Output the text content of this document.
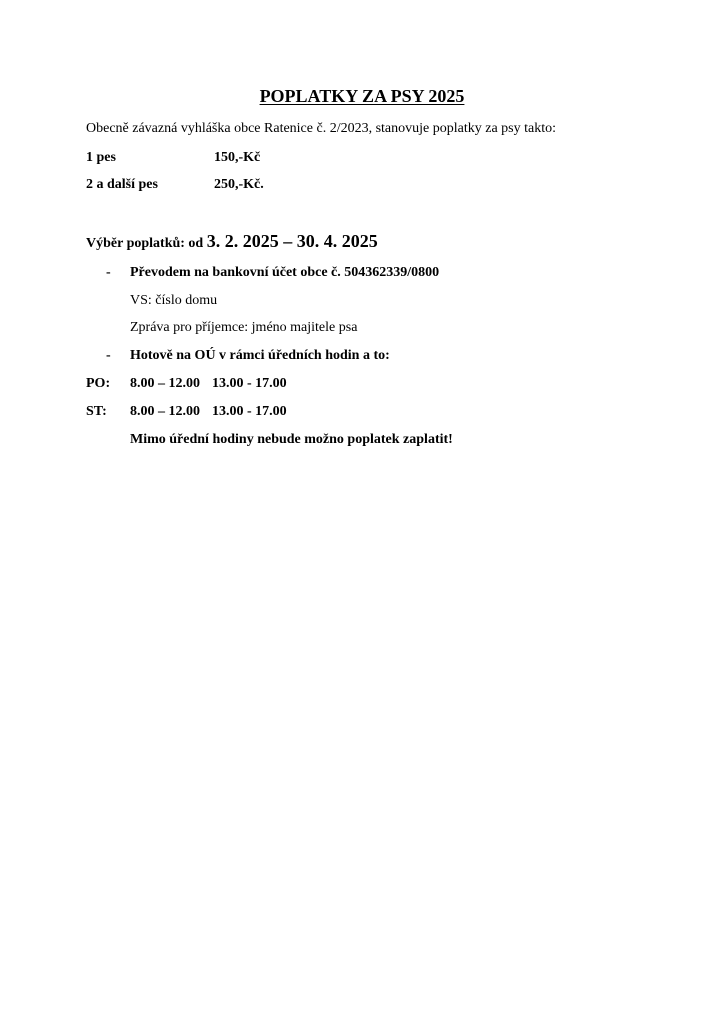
POPLATKY ZA PSY 2025

Obecně závazná vyhláška obce Ratenice č. 2/2023, stanovuje poplatky za psy takto:

1 pes	150,-Kč

2 a další pes	250,-Kč.

Výběr poplatků: od 3. 2. 2025 – 30. 4. 2025

- Převodem na bankovní účet obce č. 504362339/0800

VS: číslo domu

Zpráva pro příjemce: jméno majitele psa

- Hotově na OÚ v rámci úředních hodin a to:

PO: 8.00 – 12.00 13.00 - 17.00

ST: 8.00 – 12.00 13.00 - 17.00

Mimo úřední hodiny nebude možno poplatek zaplatit!
